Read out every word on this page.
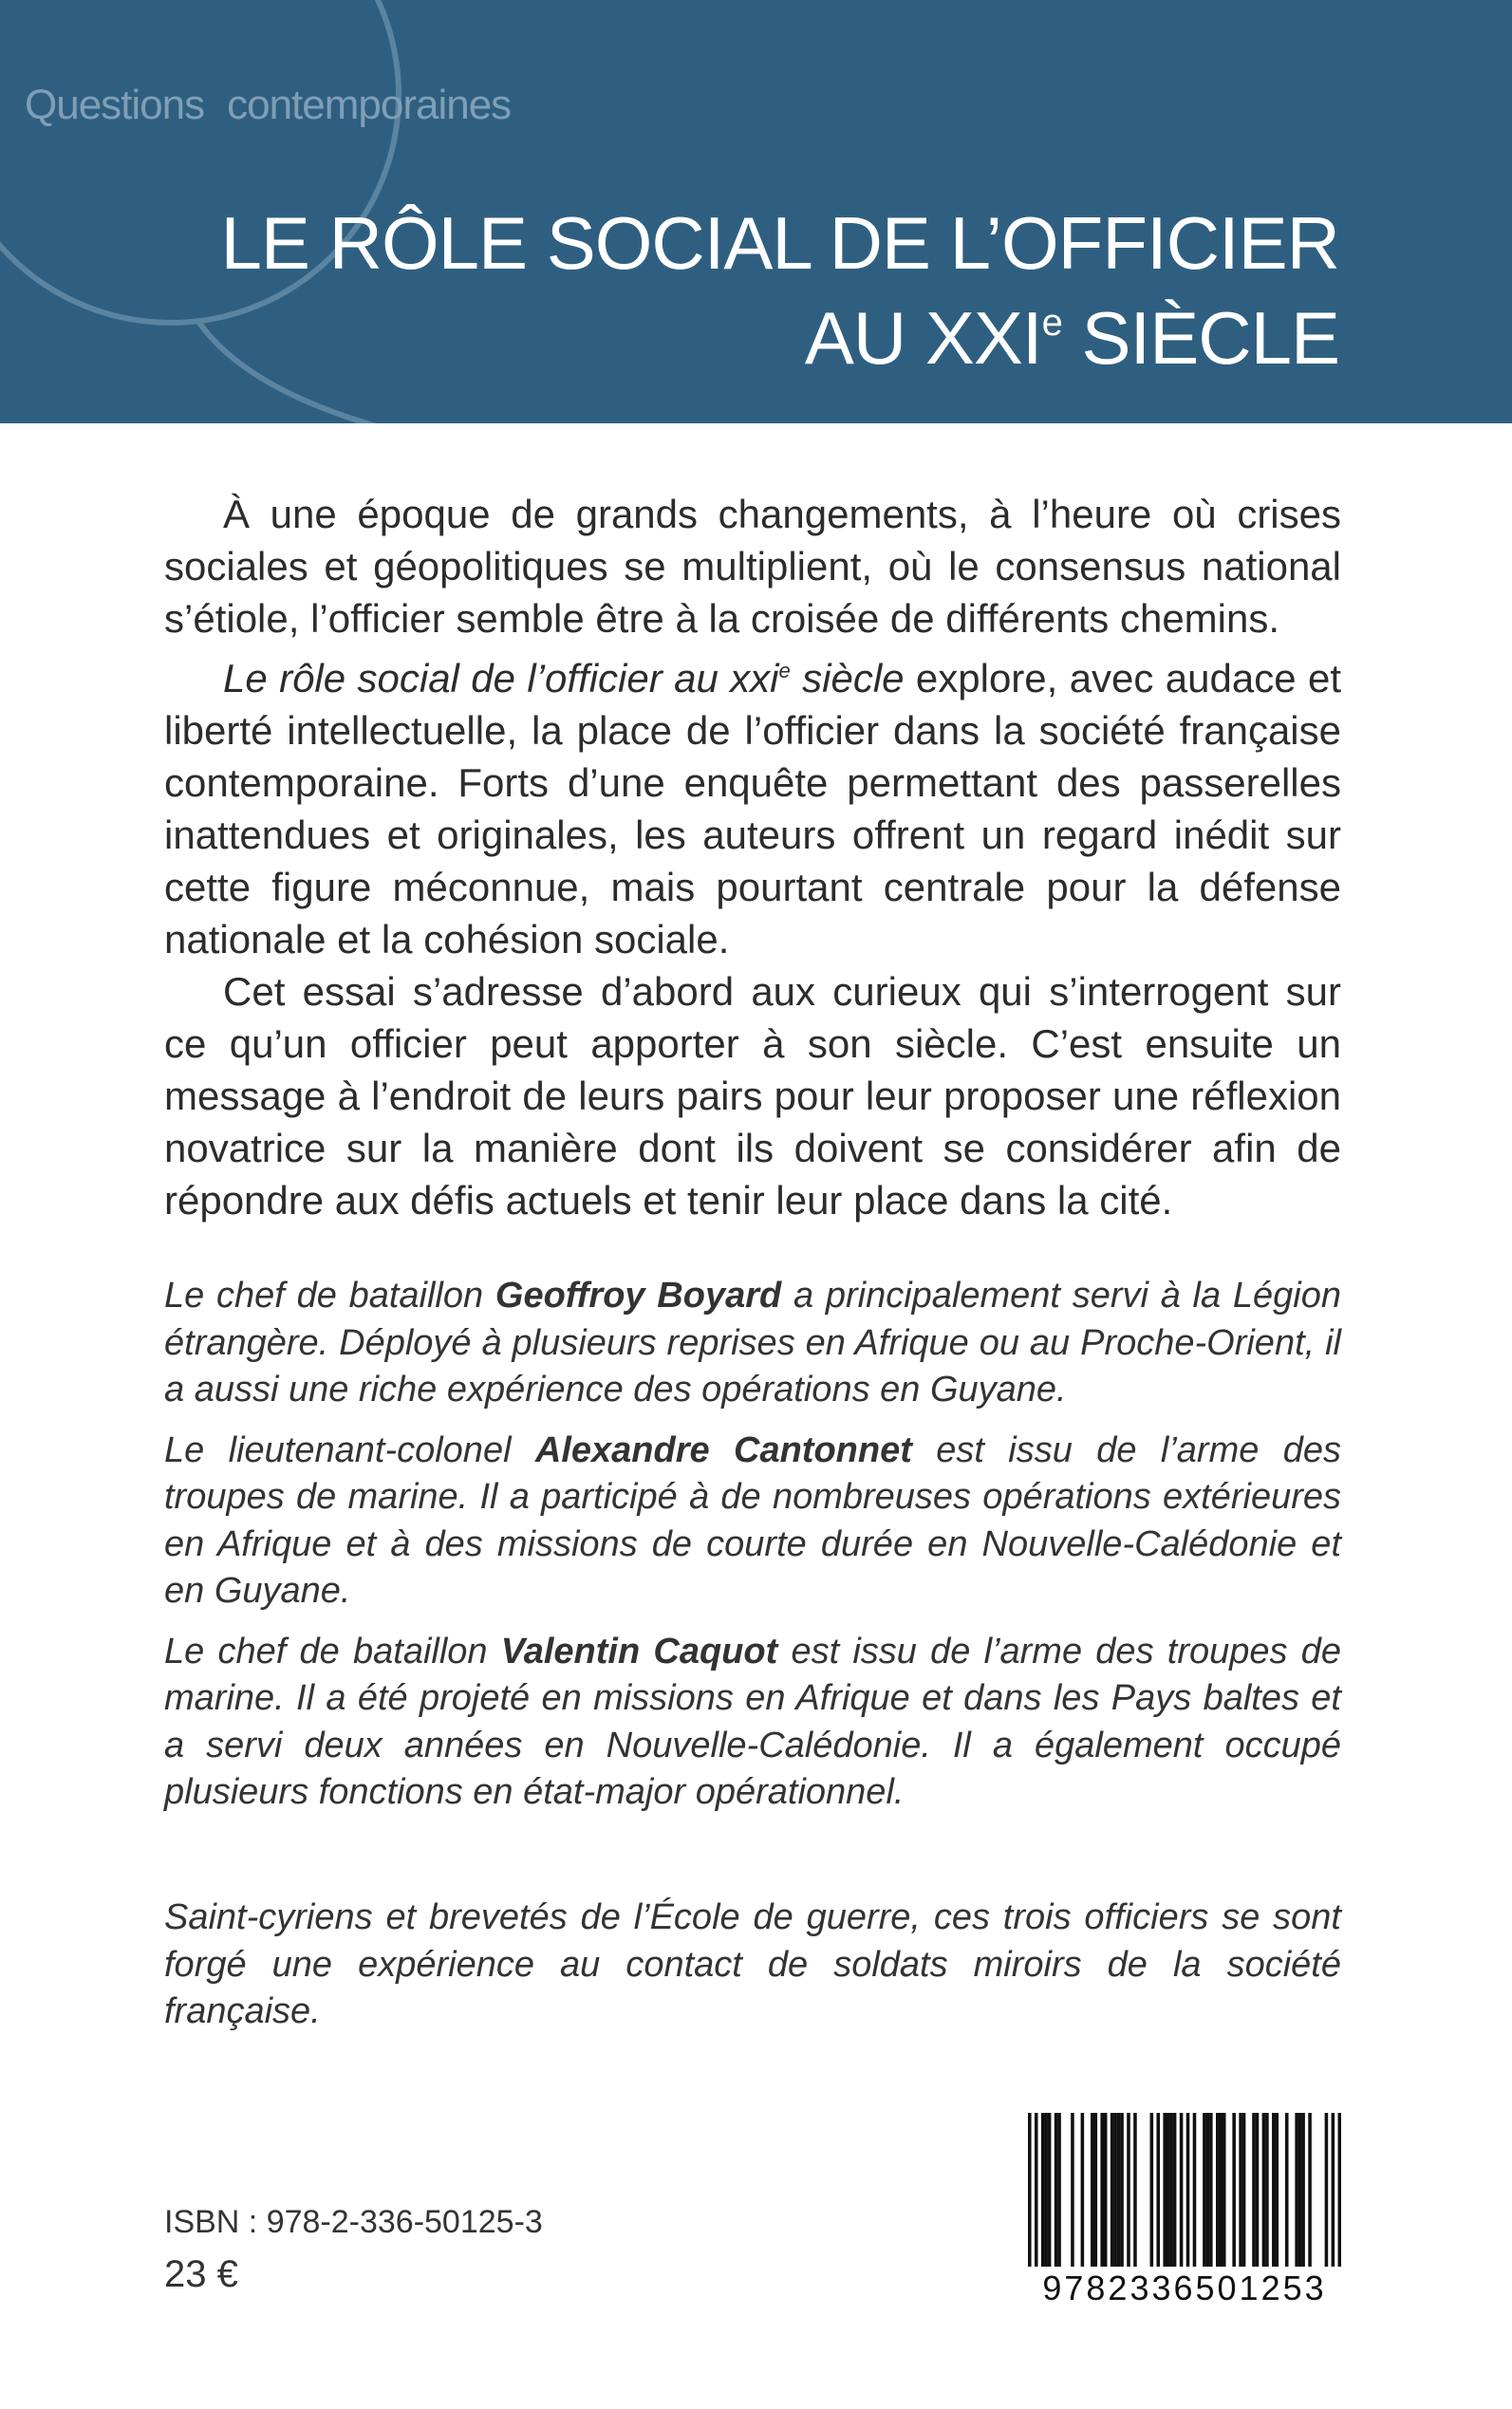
Questions contemporaines
LE RÔLE SOCIAL DE L’OFFICIER
AU XXIe SIÈCLE

À une époque de grands changements, à l’heure où crises sociales et géopolitiques se multiplient, où le consensus national s’étiole, l’officier semble être à la croisée de différents chemins.

Le rôle social de l’officier au xxi$^e$ siècle explore, avec audace et liberté intellectuelle, la place de l’officier dans la société française contemporaine. Forts d’une enquête permettant des passerelles inattendues et originales, les auteurs offrent un regard inédit sur cette figure méconnue, mais pourtant centrale pour la défense nationale et la cohésion sociale.

Cet essai s’adresse d’abord aux curieux qui s’interrogent sur ce qu’un officier peut apporter à son siècle. C’est ensuite un message à l’endroit de leurs pairs pour leur proposer une réflexion novatrice sur la manière dont ils doivent se considérer afin de répondre aux défis actuels et tenir leur place dans la cité.

Le chef de bataillon Geoffroy Boyard a principalement servi à la Légion étrangère. Déployé à plusieurs reprises en Afrique ou au Proche-Orient, il a aussi une riche expérience des opérations en Guyane.

Le lieutenant-colonel Alexandre Cantonnet est issu de l’arme des troupes de marine. Il a participé à de nombreuses opérations extérieures en Afrique et à des missions de courte durée en Nouvelle-Calédonie et en Guyane.

Le chef de bataillon Valentin Caquot est issu de l’arme des troupes de marine. Il a été projeté en missions en Afrique et dans les Pays baltes et a servi deux années en Nouvelle-Calédonie. Il a également occupé plusieurs fonctions en état-major opérationnel.

Saint-cyriens et brevetés de l’École de guerre, ces trois officiers se sont forgé une expérience au contact de soldats miroirs de la société française.

ISBN : 978-2-336-50125-3
23 €	9782336501253
